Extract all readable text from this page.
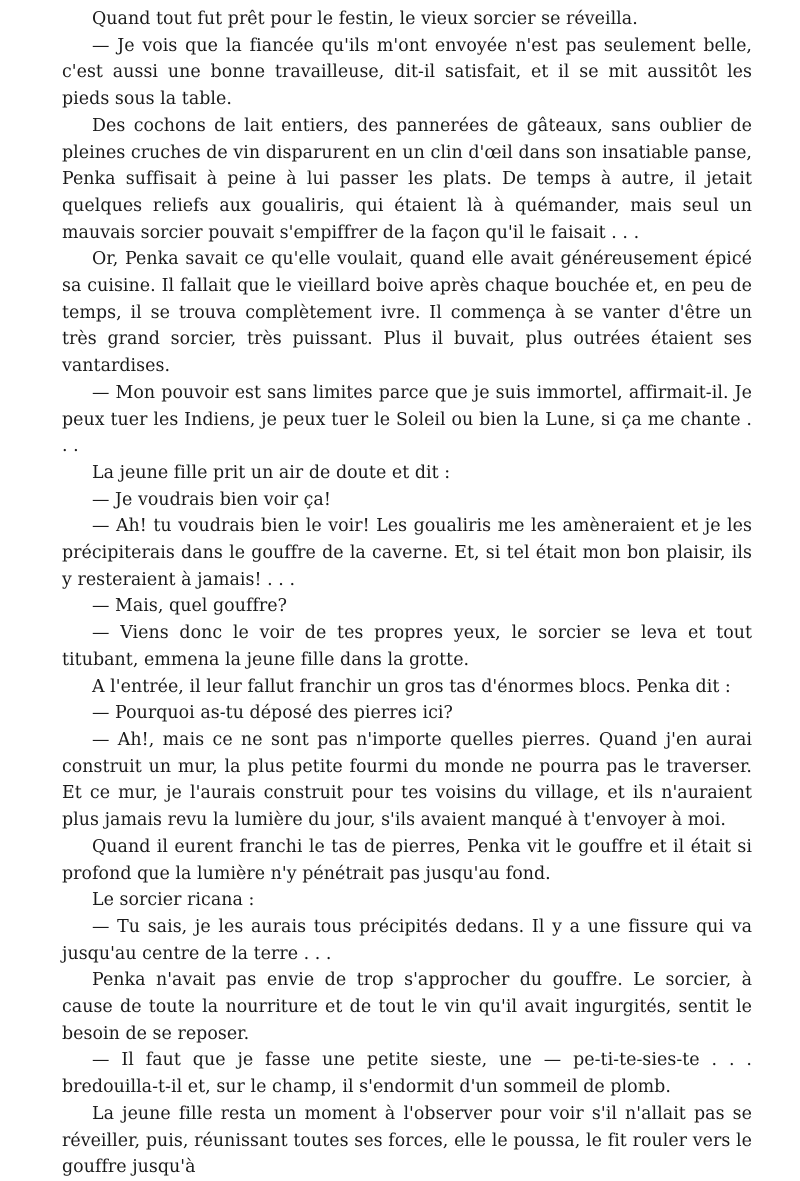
Quand tout fut prêt pour le festin, le vieux sorcier se réveilla.

— Je vois que la fiancée qu'ils m'ont envoyée n'est pas seulement belle, c'est aussi une bonne travailleuse, dit-il satisfait, et il se mit aussitôt les pieds sous la table.

Des cochons de lait entiers, des pannerées de gâteaux, sans oublier de pleines cruches de vin disparurent en un clin d'œil dans son insatiable panse, Penka suffisait à peine à lui passer les plats. De temps à autre, il jetait quelques reliefs aux goualiris, qui étaient là à quémander, mais seul un mauvais sorcier pouvait s'empiffrer de la façon qu'il le faisait . . .

Or, Penka savait ce qu'elle voulait, quand elle avait généreusement épicé sa cuisine. Il fallait que le vieillard boive après chaque bouchée et, en peu de temps, il se trouva complètement ivre. Il commença à se vanter d'être un très grand sorcier, très puissant. Plus il buvait, plus outrées étaient ses vantardises.

— Mon pouvoir est sans limites parce que je suis immortel, affirmait-il. Je peux tuer les Indiens, je peux tuer le Soleil ou bien la Lune, si ça me chante . . .

La jeune fille prit un air de doute et dit :

— Je voudrais bien voir ça!

— Ah! tu voudrais bien le voir! Les goualiris me les amèneraient et je les précipiterais dans le gouffre de la caverne. Et, si tel était mon bon plaisir, ils y resteraient à jamais! . . .

— Mais, quel gouffre?

— Viens donc le voir de tes propres yeux, le sorcier se leva et tout titubant, emmena la jeune fille dans la grotte.

A l'entrée, il leur fallut franchir un gros tas d'énormes blocs. Penka dit :

— Pourquoi as-tu déposé des pierres ici?

— Ah!, mais ce ne sont pas n'importe quelles pierres. Quand j'en aurai construit un mur, la plus petite fourmi du monde ne pourra pas le traverser. Et ce mur, je l'aurais construit pour tes voisins du village, et ils n'auraient plus jamais revu la lumière du jour, s'ils avaient manqué à t'envoyer à moi.

Quand il eurent franchi le tas de pierres, Penka vit le gouffre et il était si profond que la lumière n'y pénétrait pas jusqu'au fond.

Le sorcier ricana :

— Tu sais, je les aurais tous précipités dedans. Il y a une fissure qui va jusqu'au centre de la terre . . .

Penka n'avait pas envie de trop s'approcher du gouffre. Le sorcier, à cause de toute la nourriture et de tout le vin qu'il avait ingurgités, sentit le besoin de se reposer.

— Il faut que je fasse une petite sieste, une — pe-ti-te-sies-te . . . bredouilla-t-il et, sur le champ, il s'endormit d'un sommeil de plomb.

La jeune fille resta un moment à l'observer pour voir s'il n'allait pas se réveiller, puis, réunissant toutes ses forces, elle le poussa, le fit rouler vers le gouffre jusqu'à
